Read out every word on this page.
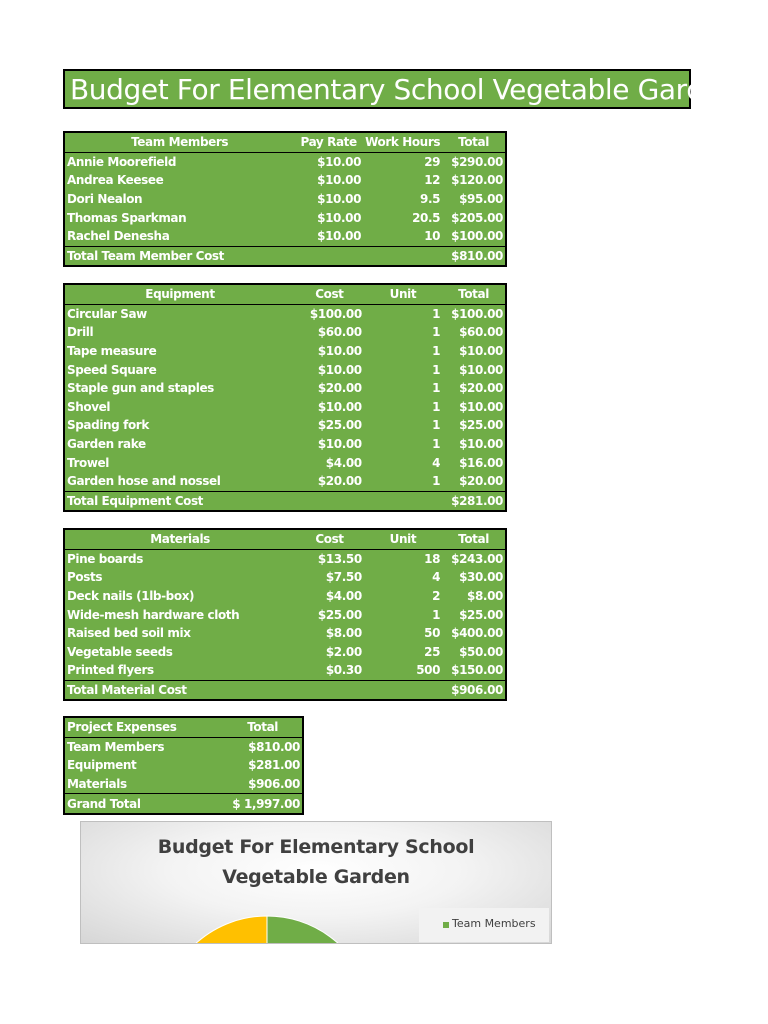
Budget For Elementary School Vegetable Garden
Team Members	Pay Rate	Work Hours	Total
Annie Moorefield	$10.00	29	$290.00
Andrea Keesee	$10.00	12	$120.00
Dori Nealon	$10.00	9.5	$95.00
Thomas Sparkman	$10.00	20.5	$205.00
Rachel Denesha	$10.00	10	$100.00
Total Team Member Cost			$810.00
Equipment	Cost	Unit	Total
Circular Saw	$100.00	1	$100.00
Drill	$60.00	1	$60.00
Tape measure	$10.00	1	$10.00
Speed Square	$10.00	1	$10.00
Staple gun and staples	$20.00	1	$20.00
Shovel	$10.00	1	$10.00
Spading fork	$25.00	1	$25.00
Garden rake	$10.00	1	$10.00
Trowel	$4.00	4	$16.00
Garden hose and nossel	$20.00	1	$20.00
Total Equipment Cost			$281.00
Materials	Cost	Unit	Total
Pine boards	$13.50	18	$243.00
Posts	$7.50	4	$30.00
Deck nails (1lb-box)	$4.00	2	$8.00
Wide-mesh hardware cloth	$25.00	1	$25.00
Raised bed soil mix	$8.00	50	$400.00
Vegetable seeds	$2.00	25	$50.00
Printed flyers	$0.30	500	$150.00
Total Material Cost			$906.00
Project Expenses	Total
Team Members	$810.00
Equipment	$281.00
Materials	$906.00
Grand Total	$ 1,997.00
Budget For Elementary School
Vegetable Garden
Team Members
